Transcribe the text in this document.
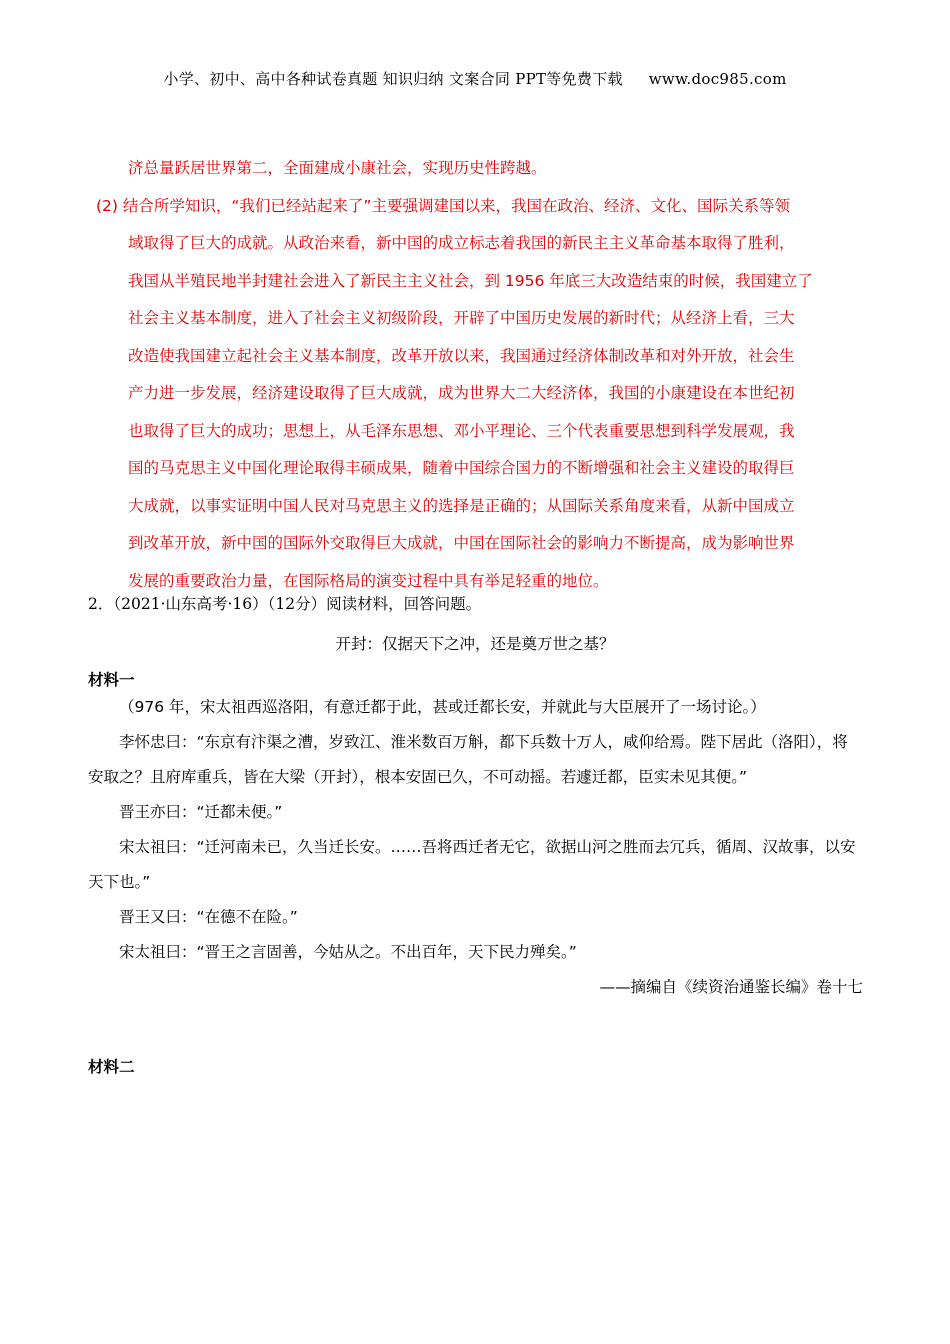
小学、初中、高中各种试卷真题 知识归纳 文案合同 PPT等免费下载 www.doc985.com
济总量跃居世界第二，全面建成小康社会，实现历史性跨越。
(2) 结合所学知识，“我们已经站起来了”主要强调建国以来，我国在政治、经济、文化、国际关系等领
域取得了巨大的成就。从政治来看，新中国的成立标志着我国的新民主主义革命基本取得了胜利，
我国从半殖民地半封建社会进入了新民主主义社会，到 1956 年底三大改造结束的时候，我国建立了
社会主义基本制度，进入了社会主义初级阶段，开辟了中国历史发展的新时代；从经济上看，三大
改造使我国建立起社会主义基本制度，改革开放以来，我国通过经济体制改革和对外开放，社会生
产力进一步发展，经济建设取得了巨大成就，成为世界大二大经济体，我国的小康建设在本世纪初
也取得了巨大的成功；思想上，从毛泽东思想、邓小平理论、三个代表重要思想到科学发展观，我
国的马克思主义中国化理论取得丰硕成果，随着中国综合国力的不断增强和社会主义建设的取得巨
大成就，以事实证明中国人民对马克思主义的选择是正确的；从国际关系角度来看，从新中国成立
到改革开放，新中国的国际外交取得巨大成就，中国在国际社会的影响力不断提高，成为影响世界
发展的重要政治力量，在国际格局的演变过程中具有举足轻重的地位。
2．（2021·山东高考·16）（12分）阅读材料，回答问题。
开封：仅据天下之冲，还是奠万世之基？
材料一

（976 年，宋太祖西巡洛阳，有意迁都于此，甚或迁都长安，并就此与大臣展开了一场讨论。）

李怀忠曰：“东京有汴渠之漕，岁致江、淮米数百万斛，都下兵数十万人，咸仰给焉。陛下居此（洛阳），将安取之？且府库重兵，皆在大梁（开封），根本安固已久，不可动摇。若遽迁都，臣实未见其便。”

晋王亦曰：“迁都未便。”

宋太祖曰：“迁河南未已，久当迁长安。……吾将西迁者无它，欲据山河之胜而去冗兵，循周、汉故事，以安天下也。”

晋王又曰：“在德不在险。”

宋太祖曰：“晋王之言固善，今姑从之。不出百年，天下民力殚矣。”

——摘编自《续资治通鉴长编》卷十七

材料二
